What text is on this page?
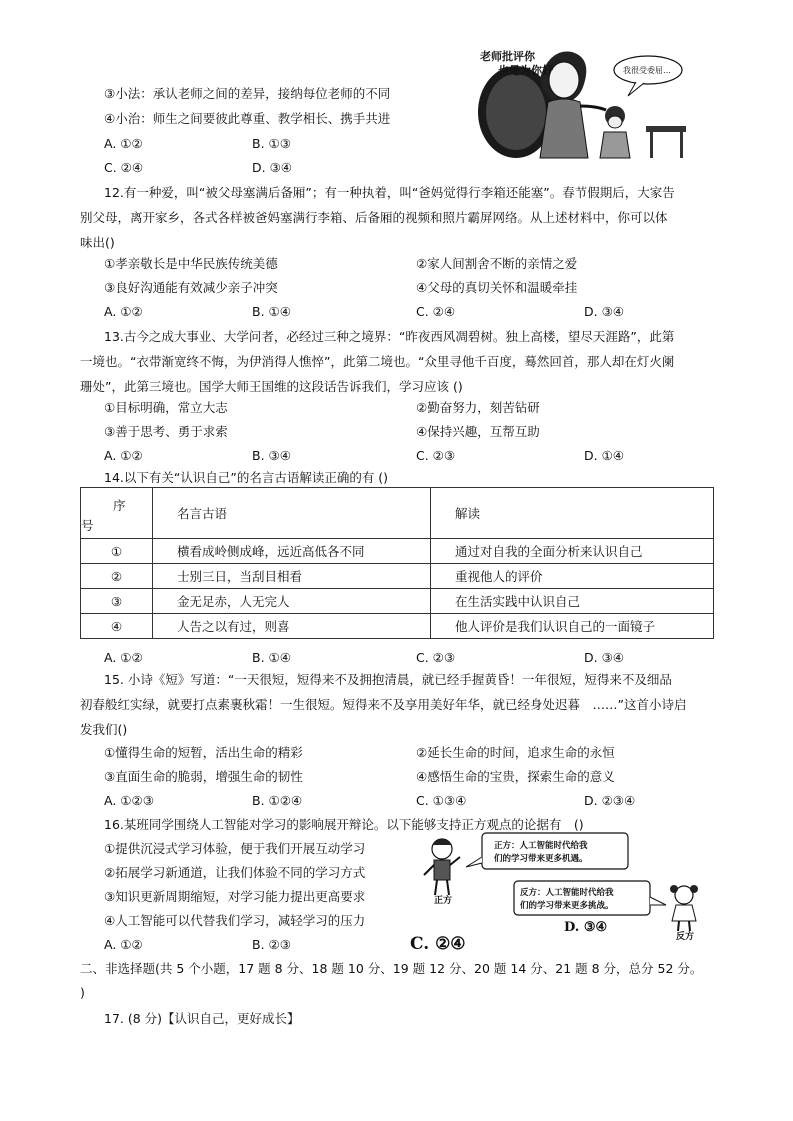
③小法：承认老师之间的差异，接纳每位老师的不同
④小治：师生之间要彼此尊重、教学相长、携手共进
A. ①②	B. ①③
C. ②④	D. ③④
老师批评你
也是为你好	我很受委屈…
12.有一种爱，叫“被父母塞满后备厢”；有一种执着，叫“爸妈觉得行李箱还能塞”。春节假期后，大家告
别父母，离开家乡，各式各样被爸妈塞满行李箱、后备厢的视频和照片霸屏网络。从上述材料中，你可以体
味出()
①孝亲敬长是中华民族传统美德	②家人间割舍不断的亲情之爱
③良好沟通能有效减少亲子冲突	④父母的真切关怀和温暖牵挂
A. ①②	B. ①④	C. ②④	D. ③④
13.古今之成大事业、大学问者，必经过三种之境界：“昨夜西风凋碧树。独上高楼，望尽天涯路”，此第
一境也。“衣带渐宽终不悔，为伊消得人憔悴”，此第二境也。“众里寻他千百度，蓦然回首，那人却在灯火阑
珊处”，此第三境也。国学大师王国维的这段话告诉我们，学习应该 ()
①目标明确，常立大志	②勤奋努力，刻苦钻研
③善于思考、勇于求索	④保持兴趣，互帮互助
A. ①②	B. ③④	C. ②③	D. ①④
14.以下有关“认识自己”的名言古语解读正确的有 ()
序
号	名言古语	解读
①	横看成岭侧成峰，远近高低各不同	通过对自我的全面分析来认识自己
②	士别三日，当刮目相看	重视他人的评价
③	金无足赤，人无完人	在生活实践中认识自己
④	人告之以有过，则喜	他人评价是我们认识自己的一面镜子
A. ①②	B. ①④	C. ②③	D. ③④
15. 小诗《短》写道：“一天很短，短得来不及拥抱清晨，就已经手握黄昏！一年很短，短得来不及细品
初春般红实绿，就要打点素裹秋霜！一生很短。短得来不及享用美好年华，就已经身处迟暮　……”这首小诗启
发我们()
①懂得生命的短暂，活出生命的精彩	②延长生命的时间，追求生命的永恒
③直面生命的脆弱，增强生命的韧性	④感悟生命的宝贵，探索生命的意义
A. ①②③	B. ①②④	C. ①③④	D. ②③④
16.某班同学围绕人工智能对学习的影响展开辩论。以下能够支持正方观点的论据有　()
①提供沉浸式学习体验，便于我们开展互动学习
②拓展学习新通道，让我们体验不同的学习方式
③知识更新周期缩短，对学习能力提出更高要求
④人工智能可以代替我们学习，减轻学习的压力
A. ①②	B. ②③	C. ②④
D. ③④
正方
正方：人工智能时代给我
们的学习带来更多机遇。
反方：人工智能时代给我
们的学习带来更多挑战。
反方
二、非选择题(共 5 个小题，17 题 8 分、18 题 10 分、19 题 12 分、20 题 14 分、21 题 8 分，总分 52 分。
)
17. (8 分)【认识自己，更好成长】
